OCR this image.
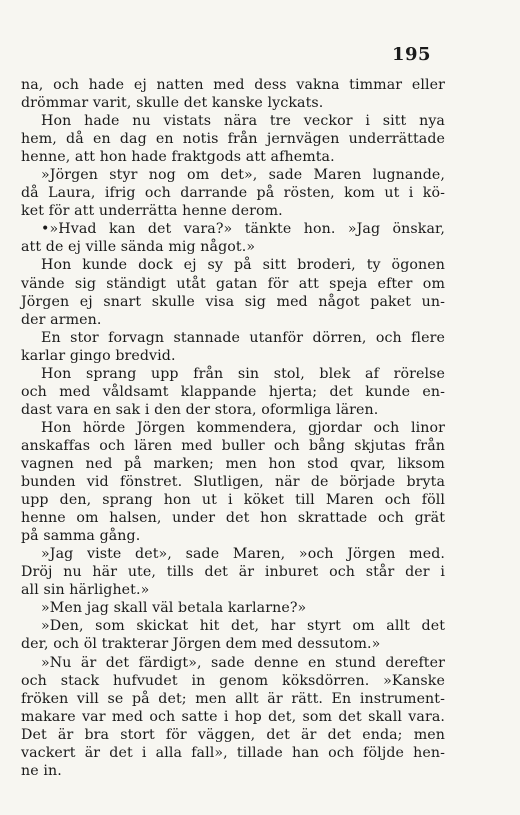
195
na, och hade ej natten med dess vakna timmar eller
drömmar varit, skulle det kanske lyckats.
Hon hade nu vistats nära tre veckor i sitt nya
hem, då en dag en notis från jernvägen underrättade
henne, att hon hade fraktgods att afhemta.
»Jörgen styr nog om det», sade Maren lugnande,
då Laura, ifrig och darrande på rösten, kom ut i kö-
ket för att underrätta henne derom.
•»Hvad kan det vara?» tänkte hon. »Jag önskar,
att de ej ville sända mig något.»
Hon kunde dock ej sy på sitt broderi, ty ögonen
vände sig ständigt utåt gatan för att speja efter om
Jörgen ej snart skulle visa sig med något paket un-
der armen.
En stor forvagn stannade utanför dörren, och flere
karlar gingo bredvid.
Hon sprang upp från sin stol, blek af rörelse
och med våldsamt klappande hjerta; det kunde en-
dast vara en sak i den der stora, oformliga lären.
Hon hörde Jörgen kommendera, gjordar och linor
anskaffas och lären med buller och bång skjutas från
vagnen ned på marken; men hon stod qvar, liksom
bunden vid fönstret. Slutligen, när de började bryta
upp den, sprang hon ut i köket till Maren och föll
henne om halsen, under det hon skrattade och grät
på samma gång.
»Jag viste det», sade Maren, »och Jörgen med.
Dröj nu här ute, tills det är inburet och står der i
all sin härlighet.»
»Men jag skall väl betala karlarne?»
»Den, som skickat hit det, har styrt om allt det
der, och öl trakterar Jörgen dem med dessutom.»
»Nu är det färdigt», sade denne en stund derefter
och stack hufvudet in genom köksdörren. »Kanske
fröken vill se på det; men allt är rätt. En instrument-
makare var med och satte i hop det, som det skall vara.
Det är bra stort för väggen, det är det enda; men
vackert är det i alla fall», tillade han och följde hen-
ne in.
